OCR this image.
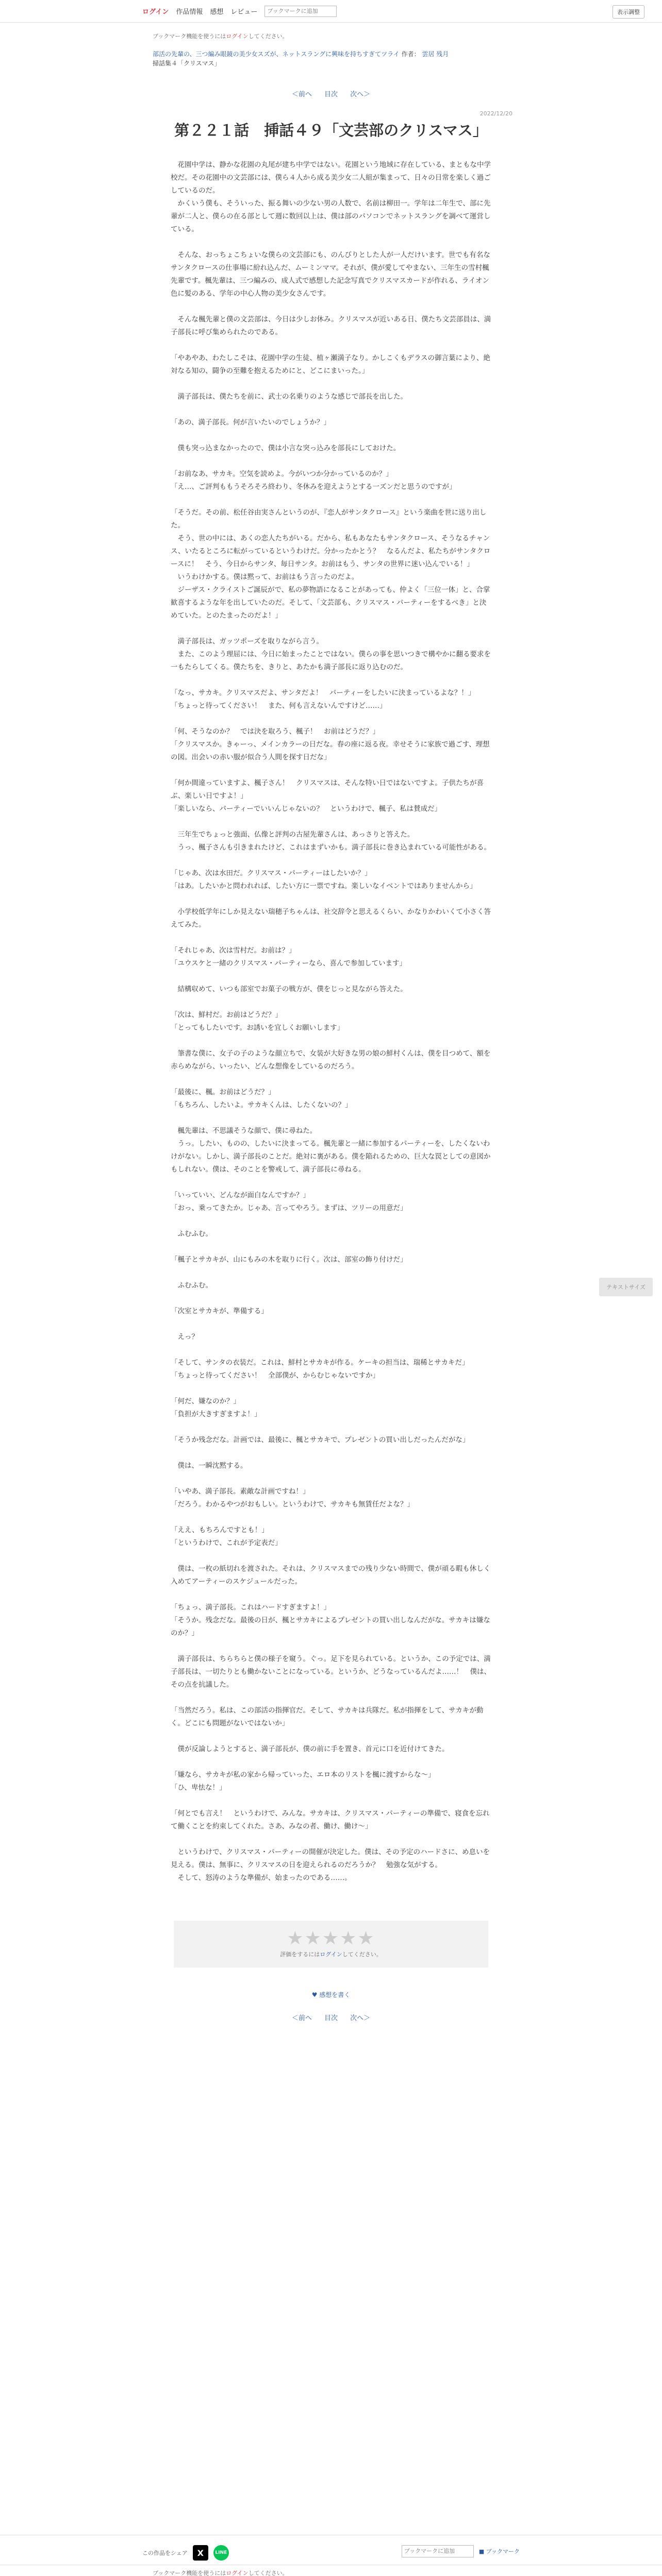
ログイン 作品情報 感想 レビュー
ブックマークに追加	表示調整
ブックマーク機能を使うにはログインしてください。
部活の先輩の、三つ編み眼鏡の美少女スズが、ネットスラングに興味を持ちすぎてツライ 作者： 雲居 残月
掃話集４「クリスマス」
2022/12/20
＜前へ 目次 次へ＞
第２２１話　挿話４９「文芸部のクリスマス」

　花園中学は、静かな花園の丸尾が建ち中学ではない。花園という地域に存在している、まともな中学校だ。その花園中の文芸部には、僕ら４人から成る美少女二人組が集まって、日々の日常を楽しく過ごしているのだ。

　かくいう僕も、そういった、振る舞いの少ない男の人数で、名前は柳田一。学年は二年生で、部に先輩が二人と、僕らの在る部として週に数回以上は、僕は部のパソコンでネットスラングを調べて運営している。

　そんな、おっちょこちょいな僕らの文芸部にも、のんびりとした人が一人だけいます。世でも有名なサンタクロースの仕事場に紛れ込んだ、ムーミンママ。それが、僕が愛してやまない、三年生の雪村楓先輩です。楓先輩は、三つ編みの、成人式で感想した記念写真でクリスマスカードが作れる、ライオン色に髪のある、学年の中心人物の美少女さんです。

　そんな楓先輩と僕の文芸部は、今日は少しお休み。クリスマスが近いある日、僕たち文芸部員は、満子部長に呼び集められたのである。

「やあやあ、わたしこそは、花園中学の生徒、植ヶ瀬満子なり。かしこくもデラスの御言葉により、絶対なる知の、闘争の至難を抱えるためにと、どこにまいった。」

　満子部長は、僕たちを前に、武士の名乗りのような感じで部長を出した。

「あの、満子部長。何が言いたいのでしょうか？」

　僕も突っ込まなかったので、僕は小言な突っ込みを部長にしておけた。

「お前なあ、サカキ。空気を読めよ。今がいつか分かっているのか？」

「え…、ご評判ももうそろそろ終わり、冬休みを迎えようとする一ズンだと思うのですが」

「そうだ。その前、松任谷由実さんというのが、『恋人がサンタクロース』という楽曲を世に送り出した。

　そう、世の中には、あくの恋人たちがいる。だから、私もあなたもサンタクロース、そうなるチャンス、いたるところに転がっているというわけだ。分かったかとう？　なるんだよ、私たちがサンタクロースに！　そう、今日からサンタ、毎日サンタ。お前はもう、サンタの世界に迷い込んでいる！」

　いうわけかする。僕は黙って、お前はもう言ったのだよ。

　ジーザス・クライストご誕辰がで、私の夢物語になることがあっても、仲よく「三位一体」と、合掌歓喜するような年を出していたのだ。そして、「文芸部も、クリスマス・パーティーをするべき」と決めていた。とのたまったのだよ！」

　満子部長は、ガッツポーズを取りながら言う。

　また、このよう理屈には、今日に始まったことではない。僕らの事を思いつきで構やかに翻る要求を一もたらしてくる。僕たちを、きりと、あたかも満子部長に返り込むのだ。

「なっ、サカキ。クリスマスだよ、サンタだよ！　パーティーをしたいに決まっているよな？！」

「ちょっと待ってください！　また、何も言えないんですけど……」

「何、そうなのか？　では決を取ろう、楓子！　お前はどうだ？」

「クリスマスか。きゃーっ、メインカラーの日だな。春の座に返る夜。幸せそうに家族で過ごす、理想の図。出会いの赤い服が似合う人間を探す日だな」

「何か間違っていますよ、楓子さん！　クリスマスは、そんな特い日ではないですよ。子供たちが喜ぶ、楽しい日ですよ！」

「楽しいなら、パーティーでいいんじゃないの？　というわけで、楓子、私は賛成だ」

　三年生でちょっと強面、仏像と評判の古屋先輩さんは、あっさりと答えた。

　うっ、楓子さんも引きまれたけど、これはまずいかも。満子部長に巻き込まれている可能性がある。

「じゃあ、次は水田だ。クリスマス・パーティーはしたいか？」

「はあ。したいかと問われれば、したい方に一票ですね。楽しいなイベントではありませんから」

　小学校低学年にしか見えない瑞穂子ちゃんは、社交辞令と思えるくらい、かなりかわいくて小さく答えてみた。

「それじゃあ、次は雪村だ。お前は？」

「ユウスケと一緒のクリスマス・パーティーなら、喜んで参加しています」

　結構収めて、いつも部室でお菓子の戦方が、僕をじっと見ながら答えた。

「次は、鮮村だ。お前はどうだ？」

「とってもしたいです。お誘いを宜しくお願いします」

　筆書な僕に、女子の子のような顔立ちで、女装が大好きな男の娘の鮮村くんは、僕を目つめて、額を赤らめながら、いったい、どんな想像をしているのだろう。

「最後に、楓。お前はどうだ？」

「もちろん、したいよ。サカキくんは、したくないの？」

　楓先輩は、不思議そうな顔で、僕に尋ねた。

　うっ。したい、ものの、したいに決まってる。楓先輩と一緒に参加するパーティーを、したくないわけがない。しかし、満子部長のことだ。絶対に裏がある。僕を陥れるための、巨大な罠としての意図かもしれない。僕は、そのことを警戒して、満子部長に尋ねる。

「いっていい、どんなが面白なんですか？」

「おっ、乗ってきたか。じゃあ、言ってやろう。まずは、ツリーの用意だ」

　ふむふむ。

「楓子とサカキが、山にもみの木を取りに行く。次は、部室の飾り付けだ」

　ふむふむ。

「次室とサカキが、準備する」

　えっ？

「そして、サンタの衣装だ。これは、鮮村とサカキが作る。ケーキの担当は、瑞稀とサカキだ」

「ちょっと待ってください！　全部僕が、からむじゃないですか」

「何だ、嫌なのか？」

「負担が大きすぎますよ！」

「そうか残念だな。計画では、最後に、楓とサカキで、プレゼントの買い出しだったんだがな」

　僕は、一瞬沈黙する。

「いやあ、満子部長。素敵な計画ですね！」

「だろう。わかるやつがおもしい。というわけで、サカキも無賃任だよな？」

「ええ、もちろんですとも！」

「というわけで、これが予定表だ」

　僕は、一枚の紙切れを渡された。それは、クリスマスまでの残り少ない時間で、僕が頑る暇も休しく入めてアーティーのスケジュールだった。

「ちょっ、満子部長。これはハードすぎますよ！」

「そうか。残念だな。最後の日が、楓とサカキによるプレゼントの買い出しなんだがな。サカキは嫌なのか？」

　満子部長は、ちらちらと僕の様子を窺う。ぐっ。足下を見られている。というか、この予定では、満子部長は、一切たりとも働かないことになっている。というか、どうなっているんだよ……！　僕は、その点を抗議した。

「当然だろう。私は、この部活の指揮官だ。そして、サカキは兵隊だ。私が指揮をして、サカキが動く。どこにも問題がないではないか」

　僕が反論しようとすると、満子部長が、僕の前に手を置き、首元に口を近付けてきた。

「嫌なら、サカキが私の家から帰っていった、エロ本のリストを楓に渡すからな～」

「ひ、卑怯な！」

「何とでも言え！　というわけで、みんな。サカキは、クリスマス・パーティーの準備で、寝食を忘れて働くことを約束してくれた。さあ、みなの者、働け、働け～」

　というわけで、クリスマス・パーティーの開催が決定した。僕は、その予定のハードさに、め息いを見える。僕は、無事に、クリスマスの日を迎えられるのだろうか？　勉強な気がする。

　そして、怒涛のような準備が、始まったのである……。

★★★★★
評価をするにはログインしてください。
♥ 感想を書く
＜前へ 目次 次へ＞
テキストサイズ
この作品をシェア	X	LINE
ブックマークに追加	■ ブックマーク
ブックマーク機能を使うにはログインしてください。
